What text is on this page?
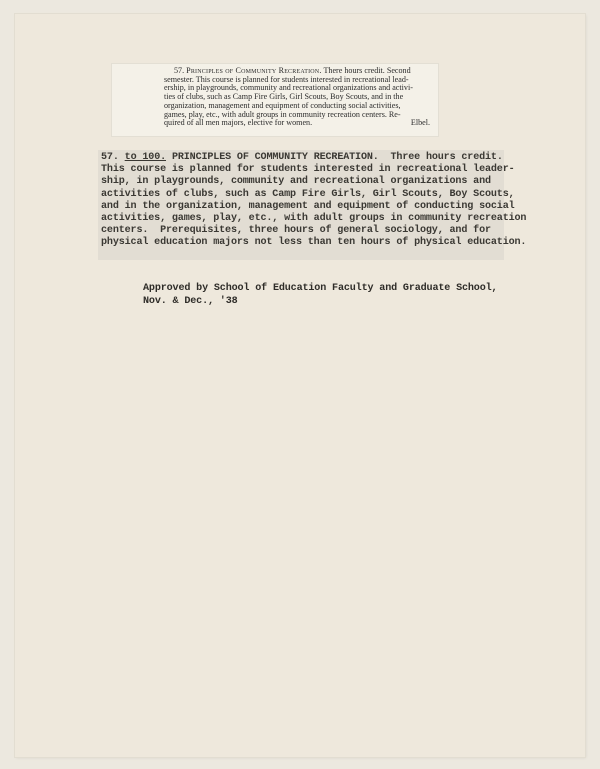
57. Principles of Community Recreation. There hours credit. Second

semester. This course is planned for students interested in recreational lead-

ership, in playgrounds, community and recreational organizations and activi-

ties of clubs, such as Camp Fire Girls, Girl Scouts, Boy Scouts, and in the

organization, management and equipment of conducting social activities,

games, play, etc., with adult groups in community recreation centers. Re-

quired of all men majors, elective for women.	Elbel.
57. to 100. PRINCIPLES OF COMMUNITY RECREATION.  Three hours credit.
This course is planned for students interested in recreational leader-
ship, in playgrounds, community and recreational organizations and
activities of clubs, such as Camp Fire Girls, Girl Scouts, Boy Scouts,
and in the organization, management and equipment of conducting social
activities, games, play, etc., with adult groups in community recreation
centers.  Prerequisites, three hours of general sociology, and for
physical education majors not less than ten hours of physical education.
Approved by School of Education Faculty and Graduate School,
Nov. & Dec., '38
